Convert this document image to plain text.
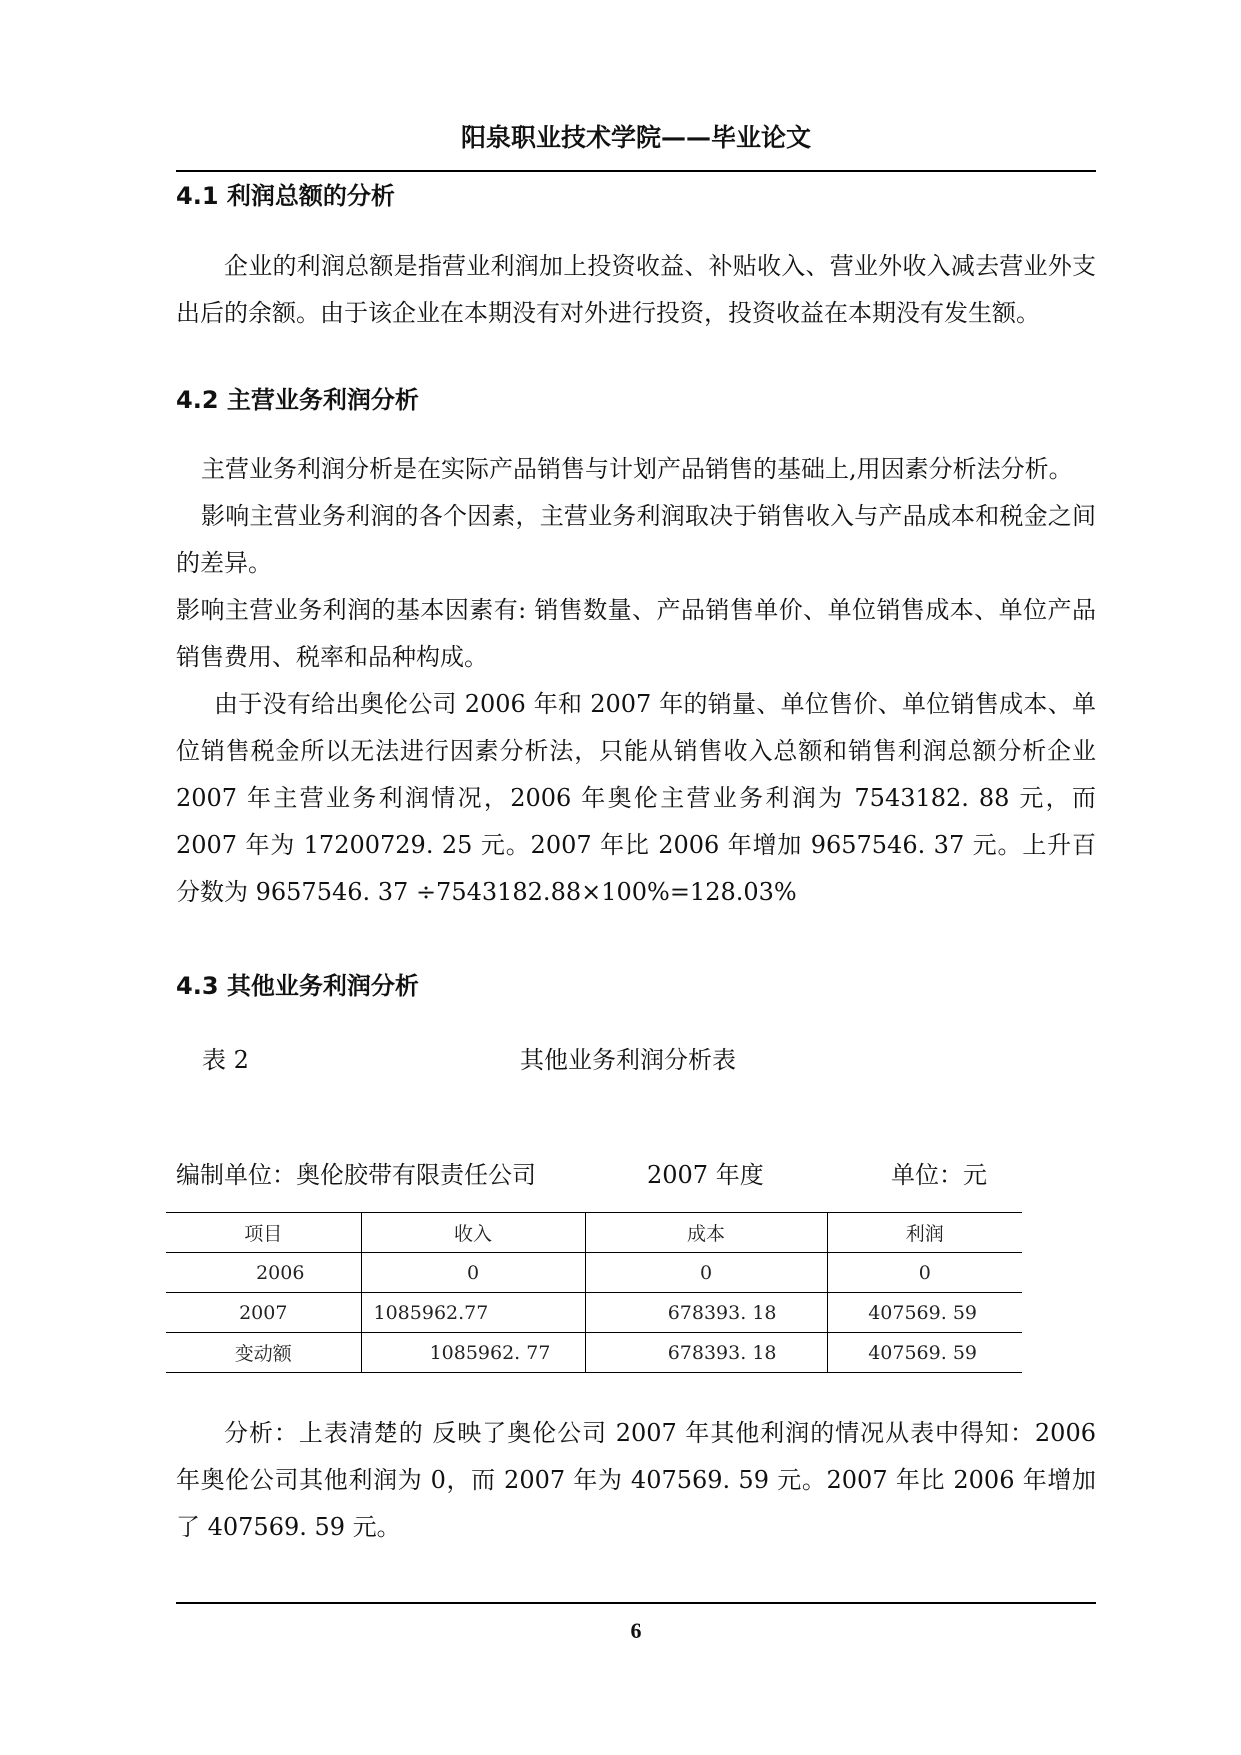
阳泉职业技术学院——毕业论文
4.1 利润总额的分析

企业的利润总额是指营业利润加上投资收益、补贴收入、营业外收入减去营业外支出后的余额。由于该企业在本期没有对外进行投资，投资收益在本期没有发生额。

4.2 主营业务利润分析

主营业务利润分析是在实际产品销售与计划产品销售的基础上,用因素分析法分析。

影响主营业务利润的各个因素，主营业务利润取决于销售收入与产品成本和税金之间的差异。

影响主营业务利润的基本因素有: 销售数量、产品销售单价、单位销售成本、单位产品销售费用、税率和品种构成。

由于没有给出奥伦公司 2006 年和 2007 年的销量、单位售价、单位销售成本、单位销售税金所以无法进行因素分析法，只能从销售收入总额和销售利润总额分析企业 2007 年主营业务利润情况，2006 年奥伦主营业务利润为 7543182. 88 元，而 2007 年为 17200729. 25 元。2007 年比 2006 年增加 9657546. 37 元。上升百分数为 9657546. 37 ÷7543182.88×100%=128.03%

4.3 其他业务利润分析
表 2	其他业务利润分析表
编制单位：奥伦胶带有限责任公司	2007 年度	单位：元
项目	收入	成本	利润
2006	0	0	0
2007	1085962.77	678393. 18	407569. 59
变动额	1085962. 77	678393. 18	407569. 59

分析：上表清楚的 反映了奥伦公司 2007 年其他利润的情况从表中得知：2006 年奥伦公司其他利润为 0，而 2007 年为 407569. 59 元。2007 年比 2006 年增加了 407569. 59 元。

6
